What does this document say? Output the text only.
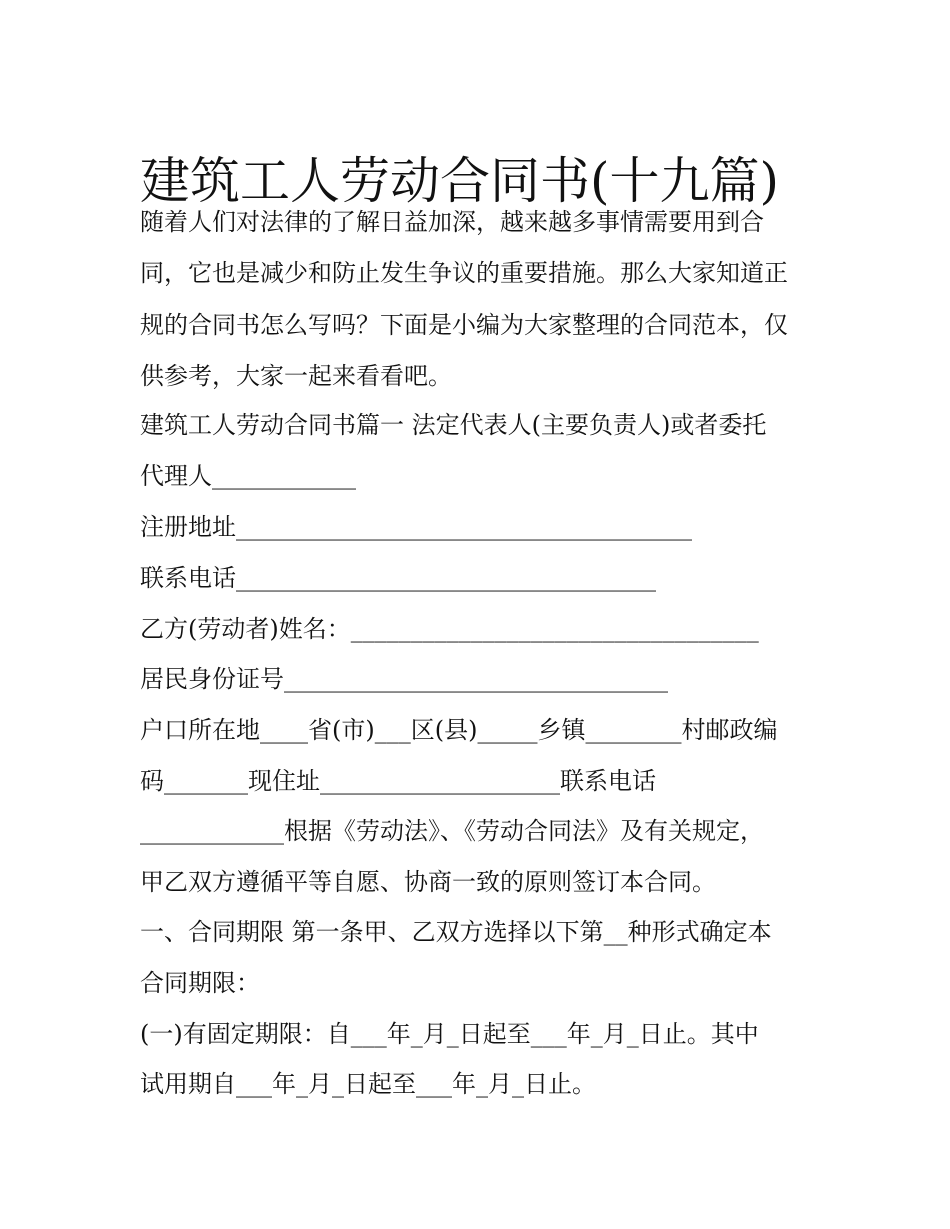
建筑工人劳动合同书(十九篇)
随着人们对法律的了解日益加深，越来越多事情需要用到合
同，它也是减少和防止发生争议的重要措施。那么大家知道正
规的合同书怎么写吗？下面是小编为大家整理的合同范本，仅
供参考，大家一起来看看吧。
建筑工人劳动合同书篇一 法定代表人(主要负责人)或者委托
代理人____________
注册地址______________________________________
联系电话___________________________________
乙方(劳动者)姓名：__________________________________
居民身份证号________________________________
户口所在地____省(市)___区(县)_____乡镇________村邮政编
码_______现住址____________________联系电话
____________根据《劳动法》、《劳动合同法》及有关规定，
甲乙双方遵循平等自愿、协商一致的原则签订本合同。
一、合同期限 第一条甲、乙双方选择以下第__种形式确定本
合同期限：
(一)有固定期限：自___年_月_日起至___年_月_日止。其中
试用期自___年_月_日起至___年_月_日止。
